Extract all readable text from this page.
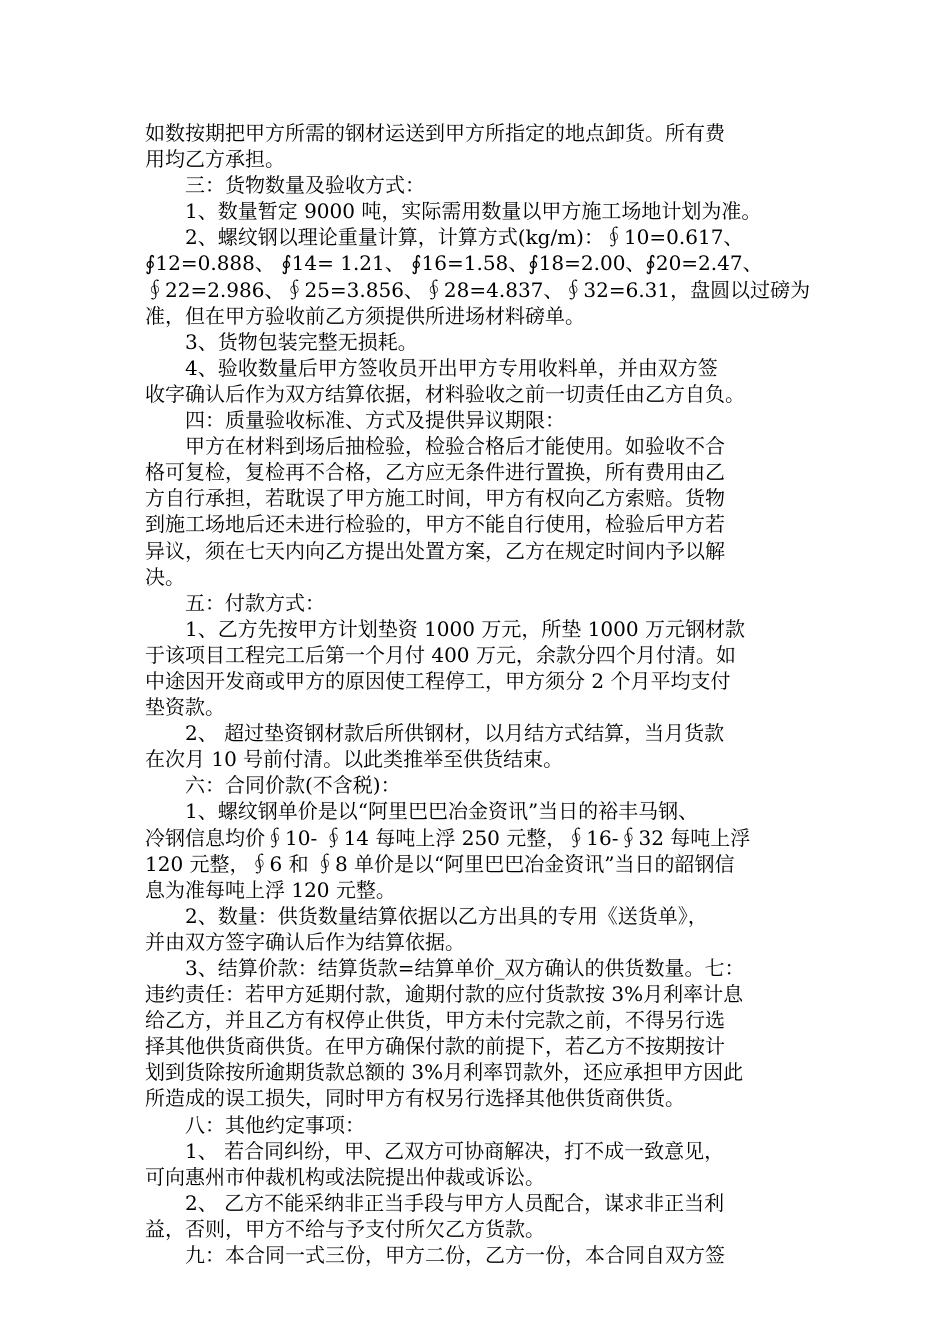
如数按期把甲方所需的钢材运送到甲方所指定的地点卸货。所有费
用均乙方承担。
　　三：货物数量及验收方式：
　　1、数量暂定 9000 吨，实际需用数量以甲方施工场地计划为准。
　　2、螺纹钢以理论重量计算，计算方式(kg/m)：∮10=0.617、
∮12=0.888、 ∮14= 1.21、 ∮16=1.58、∮18=2.00、∮20=2.47、
∮22=2.986、∮25=3.856、∮28=4.837、∮32=6.31，盘圆以过磅为
准，但在甲方验收前乙方须提供所进场材料磅单。
　　3、货物包装完整无损耗。
　　4、验收数量后甲方签收员开出甲方专用收料单，并由双方签
收字确认后作为双方结算依据，材料验收之前一切责任由乙方自负。
　　四：质量验收标准、方式及提供异议期限：
　　甲方在材料到场后抽检验，检验合格后才能使用。如验收不合
格可复检，复检再不合格，乙方应无条件进行置换，所有费用由乙
方自行承担，若耽误了甲方施工时间，甲方有权向乙方索赔。货物
到施工场地后还未进行检验的，甲方不能自行使用，检验后甲方若
异议，须在七天内向乙方提出处置方案，乙方在规定时间内予以解
决。
　　五：付款方式：
　　1、乙方先按甲方计划垫资 1000 万元，所垫 1000 万元钢材款
于该项目工程完工后第一个月付 400 万元，余款分四个月付清。如
中途因开发商或甲方的原因使工程停工，甲方须分 2 个月平均支付
垫资款。
　　2、 超过垫资钢材款后所供钢材，以月结方式结算，当月货款
在次月 10 号前付清。以此类推举至供货结束。
　　六：合同价款(不含税)：
　　1、螺纹钢单价是以“阿里巴巴冶金资讯”当日的裕丰马钢、
冷钢信息均价∮10- ∮14 每吨上浮 250 元整，∮16-∮32 每吨上浮
120 元整，∮6 和 ∮8 单价是以“阿里巴巴冶金资讯”当日的韶钢信
息为准每吨上浮 120 元整。
　　2、数量：供货数量结算依据以乙方出具的专用《送货单》，
并由双方签字确认后作为结算依据。
　　3、结算价款：结算货款=结算单价_双方确认的供货数量。七：
违约责任：若甲方延期付款，逾期付款的应付货款按 3%月利率计息
给乙方，并且乙方有权停止供货，甲方未付完款之前，不得另行选
择其他供货商供货。在甲方确保付款的前提下，若乙方不按期按计
划到货除按所逾期货款总额的 3%月利率罚款外，还应承担甲方因此
所造成的误工损失，同时甲方有权另行选择其他供货商供货。
　　八：其他约定事项：
　　1、 若合同纠纷，甲、乙双方可协商解决，打不成一致意见，
可向惠州市仲裁机构或法院提出仲裁或诉讼。
　　2、 乙方不能采纳非正当手段与甲方人员配合，谋求非正当利
益，否则，甲方不给与予支付所欠乙方货款。
　　九：本合同一式三份，甲方二份，乙方一份，本合同自双方签
